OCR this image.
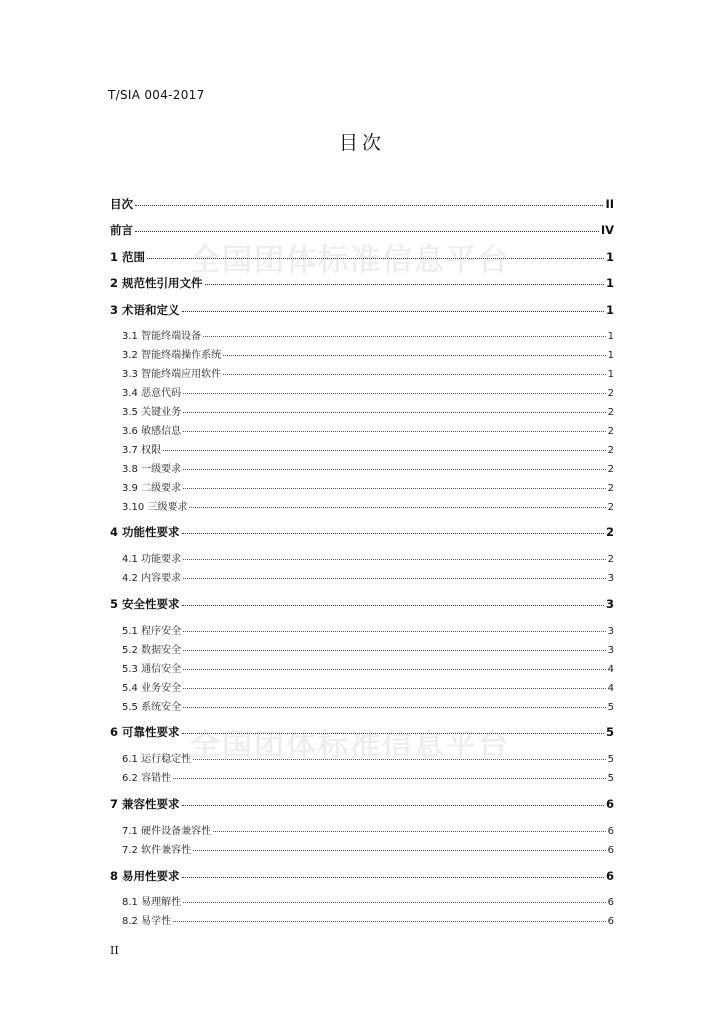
T/SIA 004-2017
目次
全国团体标准信息平台
全国团体标准信息平台
目次	II
前言	IV
1 范围	1
2 规范性引用文件	1
3 术语和定义	1
3.1 智能终端设备	1
3.2 智能终端操作系统	1
3.3 智能终端应用软件	1
3.4 恶意代码	2
3.5 关键业务	2
3.6 敏感信息	2
3.7 权限	2
3.8 一级要求	2
3.9 二级要求	2
3.10 三级要求	2
4 功能性要求	2
4.1 功能要求	2
4.2 内容要求	3
5 安全性要求	3
5.1 程序安全	3
5.2 数据安全	3
5.3 通信安全	4
5.4 业务安全	4
5.5 系统安全	5
6 可靠性要求	5
6.1 运行稳定性	5
6.2 容错性	5
7 兼容性要求	6
7.1 硬件设备兼容性	6
7.2 软件兼容性	6
8 易用性要求	6
8.1 易理解性	6
8.2 易学性	6
II
